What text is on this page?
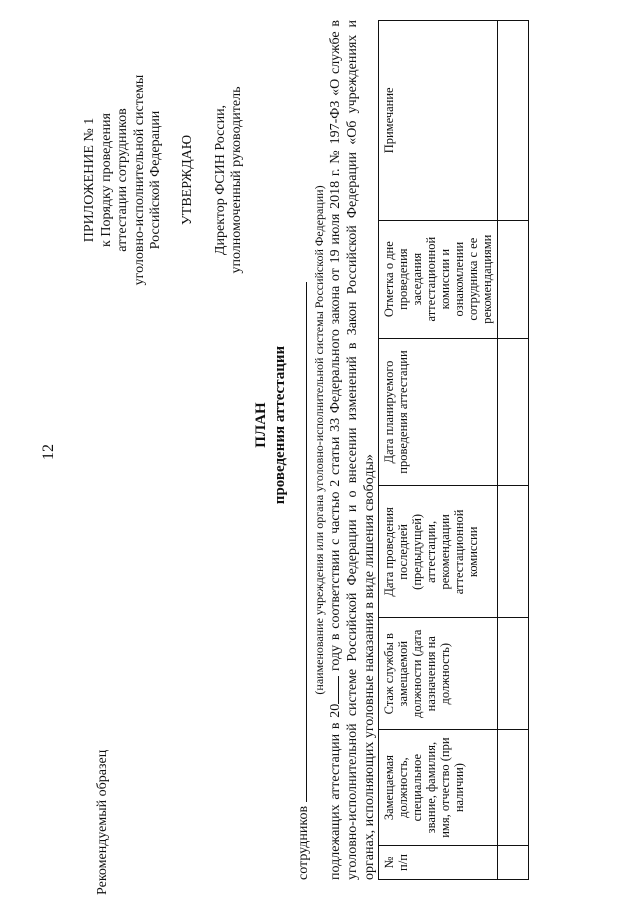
12
Рекомендуемый образец
ПРИЛОЖЕНИЕ № 1 к Порядку проведения аттестации сотрудников уголовно-исполнительной системы Российской Федерации УТВЕРЖДАЮ Директор ФСИН России, уполномоченный руководитель
ПЛАН проведения аттестации
сотрудников
(наименование учреждения или органа уголовно-исполнительной системы Российской Федерации)
подлежащих аттестации в 20 году в соответствии с частью 2 статьи 33 Федерального закона от 19 июля 2018 г. № 197-ФЗ «О службе в уголовно-исполнительной системе Российской Федерации и о внесении изменений в Закон Российской Федерации «Об учреждениях и органах, исполняющих уголовные наказания в виде лишения свободы» № п/п	Замещаемая должность, специальное звание, фамилия, имя, отчество (при наличии)	Стаж службы в замещаемой должности (дата назначения на должность)	Дата проведения последней (предыдущей) аттестации, рекомендации аттестационной комиссии	Дата планируемого проведения аттестации	Отметка о дне проведения заседания аттестационной комиссии и ознакомлении сотрудника с ее рекомендациями	Примечание
